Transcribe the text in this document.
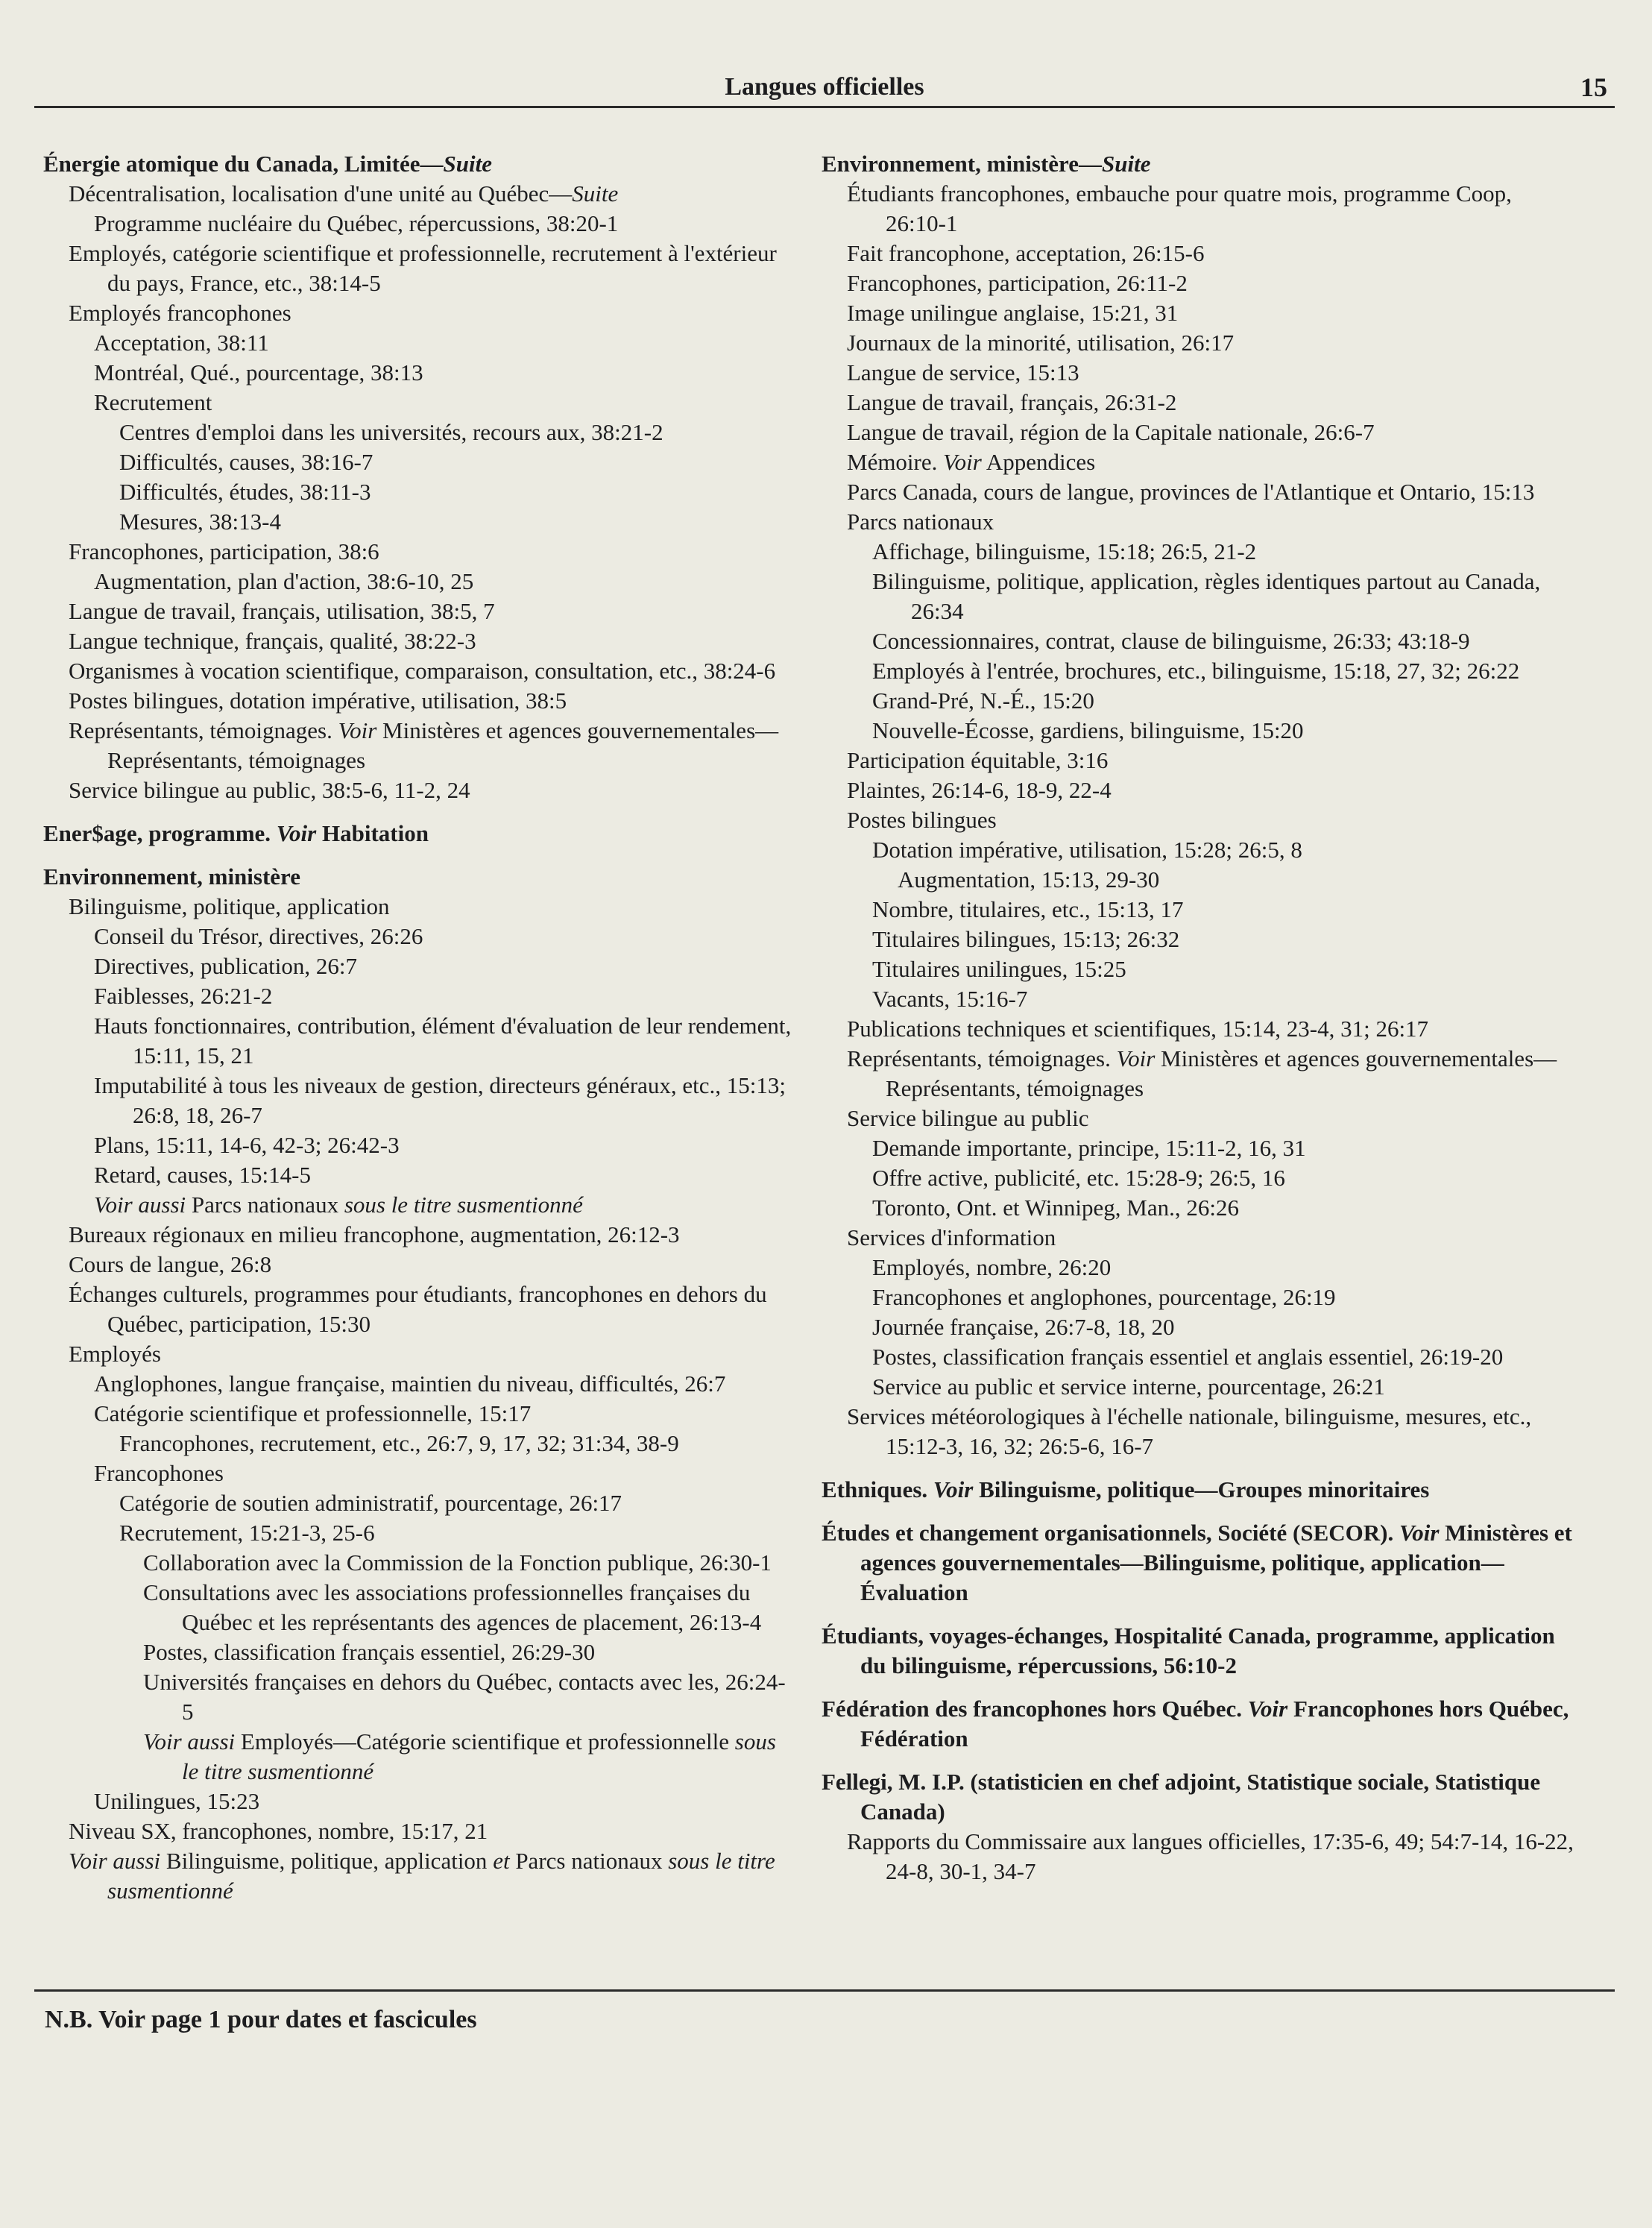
Langues officielles	15
Énergie atomique du Canada, Limitée—Suite
Décentralisation, localisation d'une unité au Québec—Suite
Programme nucléaire du Québec, répercussions, 38:20-1
Employés, catégorie scientifique et professionnelle, recrutement à l'extérieur du pays, France, etc., 38:14-5
Employés francophones
Acceptation, 38:11
Montréal, Qué., pourcentage, 38:13
Recrutement
Centres d'emploi dans les universités, recours aux, 38:21-2
Difficultés, causes, 38:16-7
Difficultés, études, 38:11-3
Mesures, 38:13-4
Francophones, participation, 38:6
Augmentation, plan d'action, 38:6-10, 25
Langue de travail, français, utilisation, 38:5, 7
Langue technique, français, qualité, 38:22-3
Organismes à vocation scientifique, comparaison, consultation, etc., 38:24-6
Postes bilingues, dotation impérative, utilisation, 38:5
Représentants, témoignages. Voir Ministères et agences gouvernementales—Représentants, témoignages
Service bilingue au public, 38:5-6, 11-2, 24
Ener$age, programme. Voir Habitation
Environnement, ministère
Bilinguisme, politique, application
Conseil du Trésor, directives, 26:26
Directives, publication, 26:7
Faiblesses, 26:21-2
Hauts fonctionnaires, contribution, élément d'évaluation de leur rendement, 15:11, 15, 21
Imputabilité à tous les niveaux de gestion, directeurs généraux, etc., 15:13; 26:8, 18, 26-7
Plans, 15:11, 14-6, 42-3; 26:42-3
Retard, causes, 15:14-5
Voir aussi Parcs nationaux sous le titre susmentionné
Bureaux régionaux en milieu francophone, augmentation, 26:12-3
Cours de langue, 26:8
Échanges culturels, programmes pour étudiants, francophones en dehors du Québec, participation, 15:30
Employés
Anglophones, langue française, maintien du niveau, difficultés, 26:7
Catégorie scientifique et professionnelle, 15:17
Francophones, recrutement, etc., 26:7, 9, 17, 32; 31:34, 38-9
Francophones
Catégorie de soutien administratif, pourcentage, 26:17
Recrutement, 15:21-3, 25-6
Collaboration avec la Commission de la Fonction publique, 26:30-1
Consultations avec les associations professionnelles françaises du Québec et les représentants des agences de placement, 26:13-4
Postes, classification français essentiel, 26:29-30
Universités françaises en dehors du Québec, contacts avec les, 26:24-5
Voir aussi Employés—Catégorie scientifique et professionnelle sous le titre susmentionné
Unilingues, 15:23
Niveau SX, francophones, nombre, 15:17, 21
Voir aussi Bilinguisme, politique, application et Parcs nationaux sous le titre susmentionné
Environnement, ministère—Suite
Étudiants francophones, embauche pour quatre mois, programme Coop, 26:10-1
Fait francophone, acceptation, 26:15-6
Francophones, participation, 26:11-2
Image unilingue anglaise, 15:21, 31
Journaux de la minorité, utilisation, 26:17
Langue de service, 15:13
Langue de travail, français, 26:31-2
Langue de travail, région de la Capitale nationale, 26:6-7
Mémoire. Voir Appendices
Parcs Canada, cours de langue, provinces de l'Atlantique et Ontario, 15:13
Parcs nationaux
Affichage, bilinguisme, 15:18; 26:5, 21-2
Bilinguisme, politique, application, règles identiques partout au Canada, 26:34
Concessionnaires, contrat, clause de bilinguisme, 26:33; 43:18-9
Employés à l'entrée, brochures, etc., bilinguisme, 15:18, 27, 32; 26:22
Grand-Pré, N.-É., 15:20
Nouvelle-Écosse, gardiens, bilinguisme, 15:20
Participation équitable, 3:16
Plaintes, 26:14-6, 18-9, 22-4
Postes bilingues
Dotation impérative, utilisation, 15:28; 26:5, 8
Augmentation, 15:13, 29-30
Nombre, titulaires, etc., 15:13, 17
Titulaires bilingues, 15:13; 26:32
Titulaires unilingues, 15:25
Vacants, 15:16-7
Publications techniques et scientifiques, 15:14, 23-4, 31; 26:17
Représentants, témoignages. Voir Ministères et agences gouvernementales—Représentants, témoignages
Service bilingue au public
Demande importante, principe, 15:11-2, 16, 31
Offre active, publicité, etc. 15:28-9; 26:5, 16
Toronto, Ont. et Winnipeg, Man., 26:26
Services d'information
Employés, nombre, 26:20
Francophones et anglophones, pourcentage, 26:19
Journée française, 26:7-8, 18, 20
Postes, classification français essentiel et anglais essentiel, 26:19-20
Service au public et service interne, pourcentage, 26:21
Services météorologiques à l'échelle nationale, bilinguisme, mesures, etc., 15:12-3, 16, 32; 26:5-6, 16-7
Ethniques. Voir Bilinguisme, politique—Groupes minoritaires
Études et changement organisationnels, Société (SECOR). Voir Ministères et agences gouvernementales—Bilinguisme, politique, application—Évaluation
Étudiants, voyages-échanges, Hospitalité Canada, programme, application du bilinguisme, répercussions, 56:10-2
Fédération des francophones hors Québec. Voir Francophones hors Québec, Fédération
Fellegi, M. I.P. (statisticien en chef adjoint, Statistique sociale, Statistique Canada)
Rapports du Commissaire aux langues officielles, 17:35-6, 49; 54:7-14, 16-22, 24-8, 30-1, 34-7
N.B. Voir page 1 pour dates et fascicules
